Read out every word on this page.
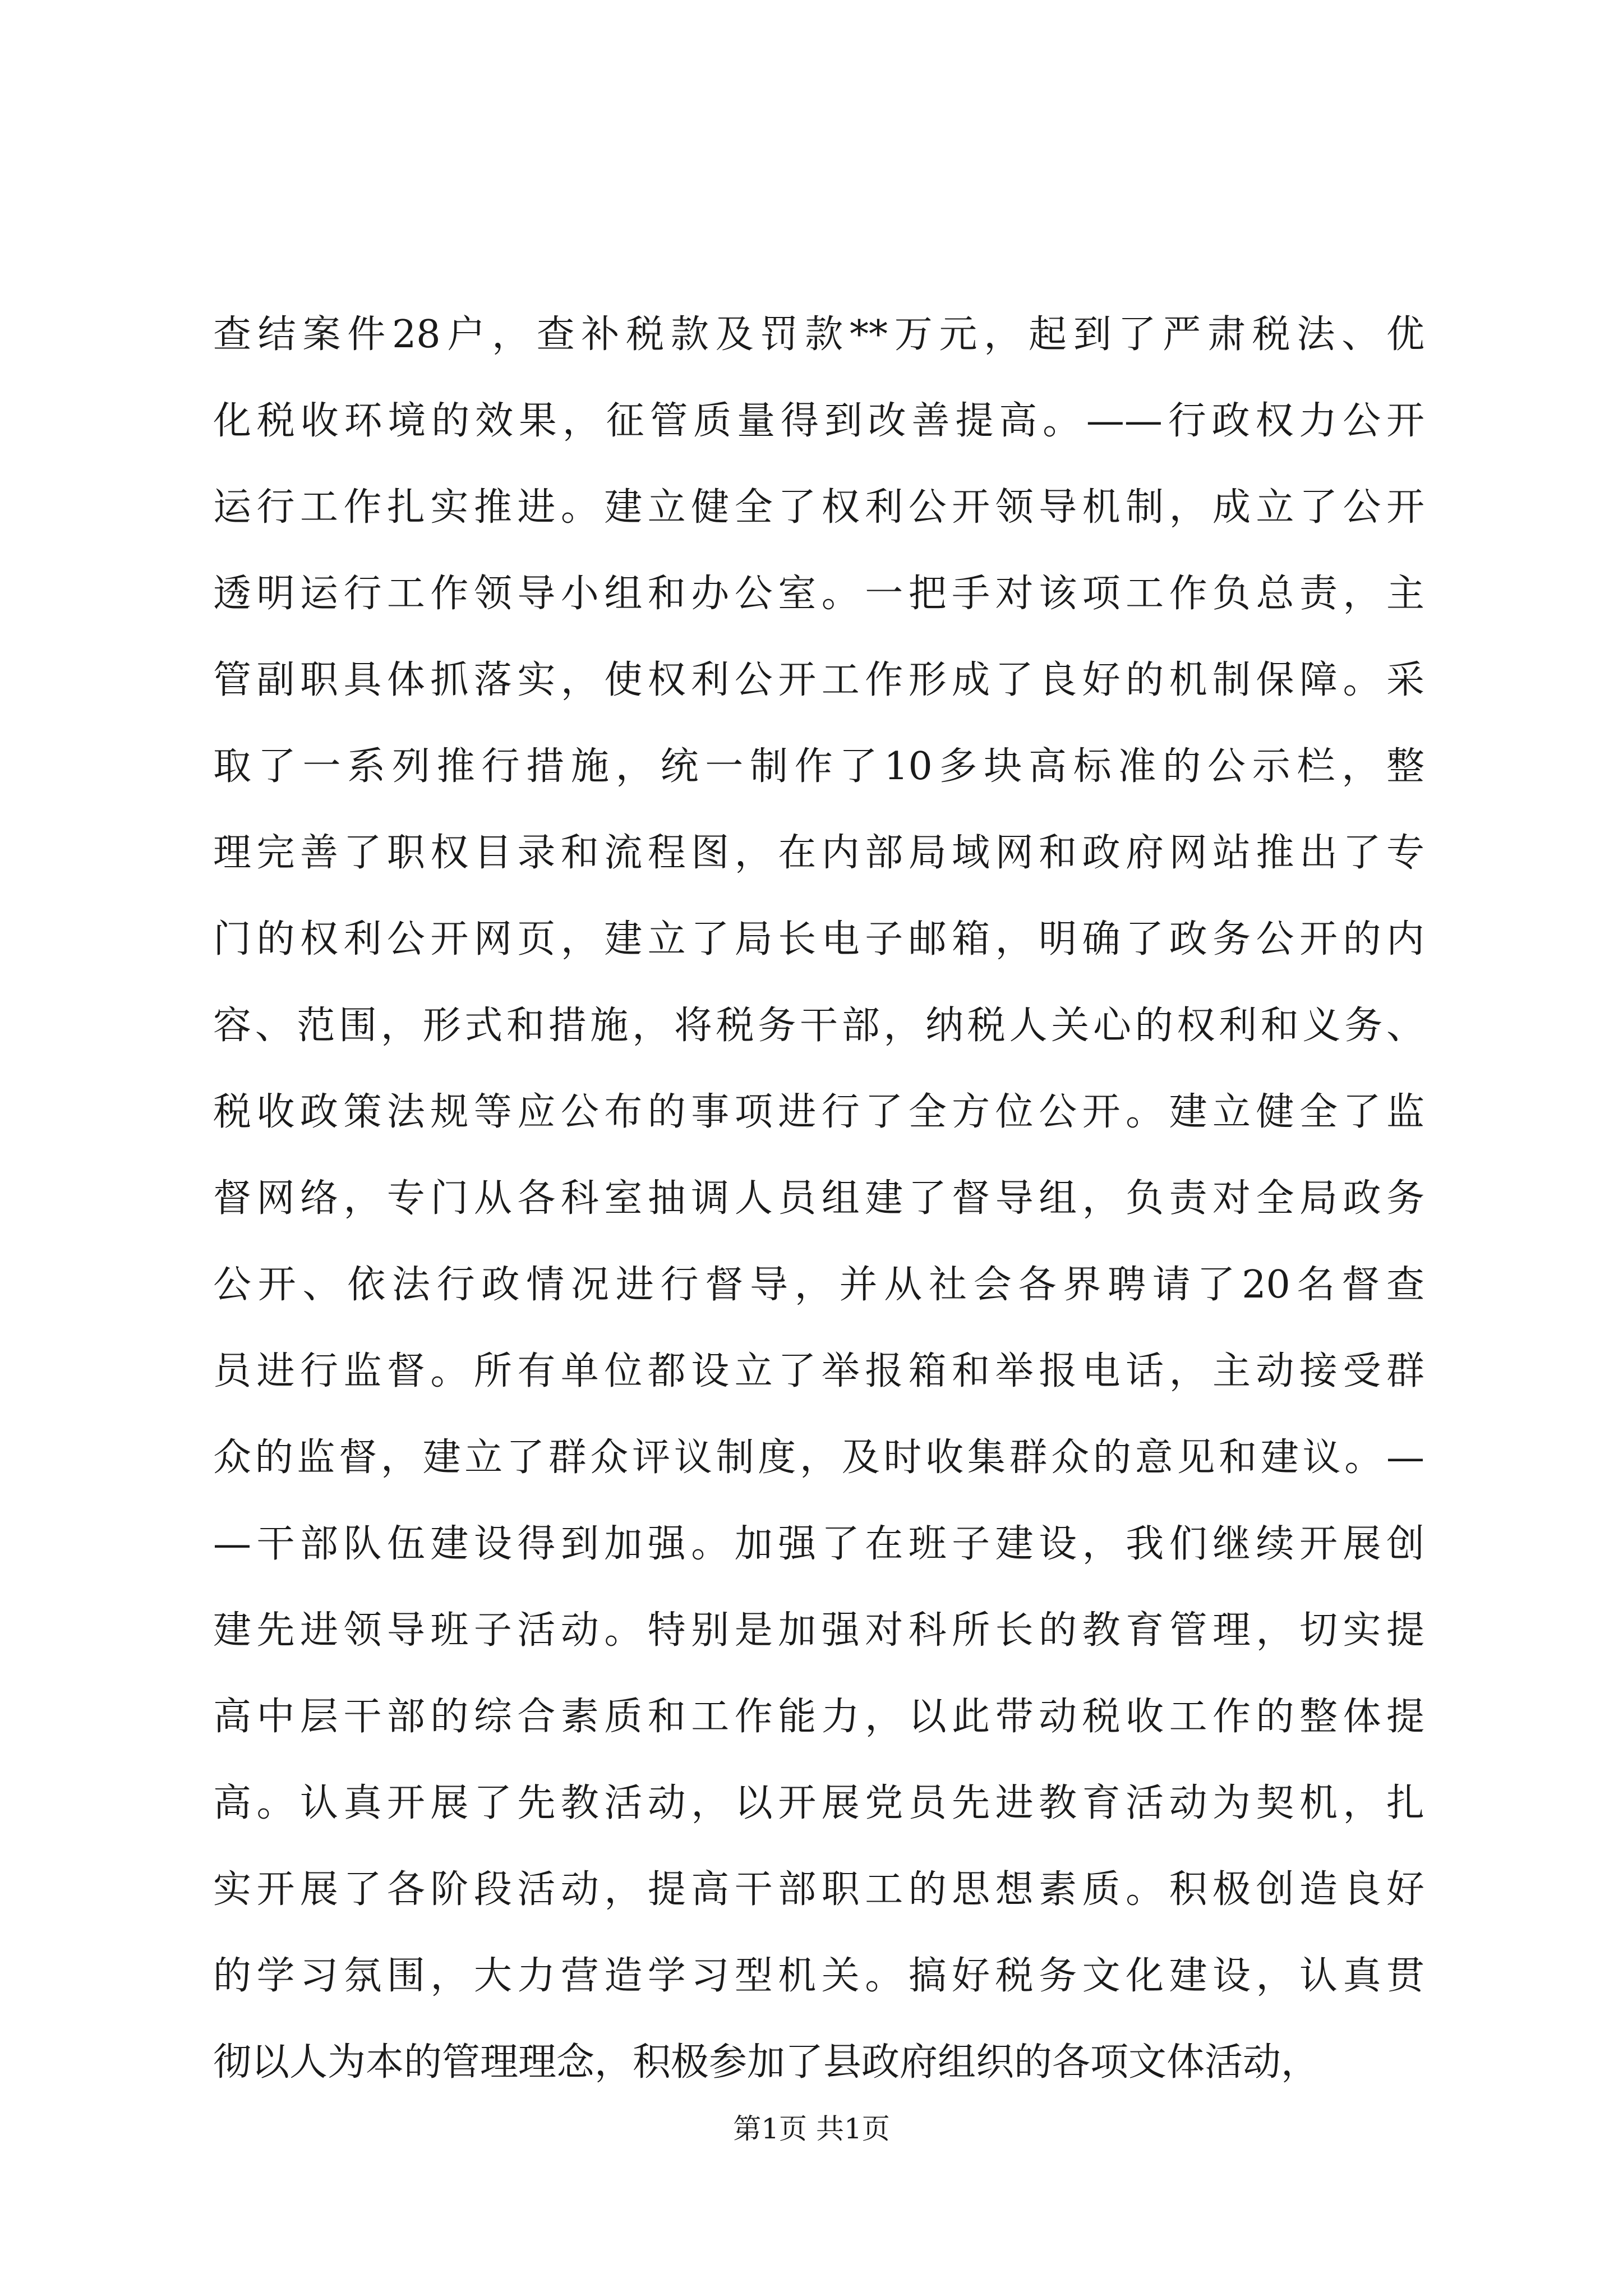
查结案件28户，查补税款及罚款**万元，起到了严肃税法、优
化税收环境的效果，征管质量得到改善提高。——行政权力公开
运行工作扎实推进。建立健全了权利公开领导机制，成立了公开
透明运行工作领导小组和办公室。一把手对该项工作负总责，主
管副职具体抓落实，使权利公开工作形成了良好的机制保障。采
取了一系列推行措施，统一制作了10多块高标准的公示栏，整
理完善了职权目录和流程图，在内部局域网和政府网站推出了专
门的权利公开网页，建立了局长电子邮箱，明确了政务公开的内
容、范围，形式和措施，将税务干部，纳税人关心的权利和义务、
税收政策法规等应公布的事项进行了全方位公开。建立健全了监
督网络，专门从各科室抽调人员组建了督导组，负责对全局政务
公开、依法行政情况进行督导，并从社会各界聘请了20名督查
员进行监督。所有单位都设立了举报箱和举报电话，主动接受群
众的监督，建立了群众评议制度，及时收集群众的意见和建议。—
—干部队伍建设得到加强。加强了在班子建设，我们继续开展创
建先进领导班子活动。特别是加强对科所长的教育管理，切实提
高中层干部的综合素质和工作能力，以此带动税收工作的整体提
高。认真开展了先教活动，以开展党员先进教育活动为契机，扎
实开展了各阶段活动，提高干部职工的思想素质。积极创造良好
的学习氛围，大力营造学习型机关。搞好税务文化建设，认真贯
彻以人为本的管理理念，积极参加了县政府组织的各项文体活动，
第1页 共1页
